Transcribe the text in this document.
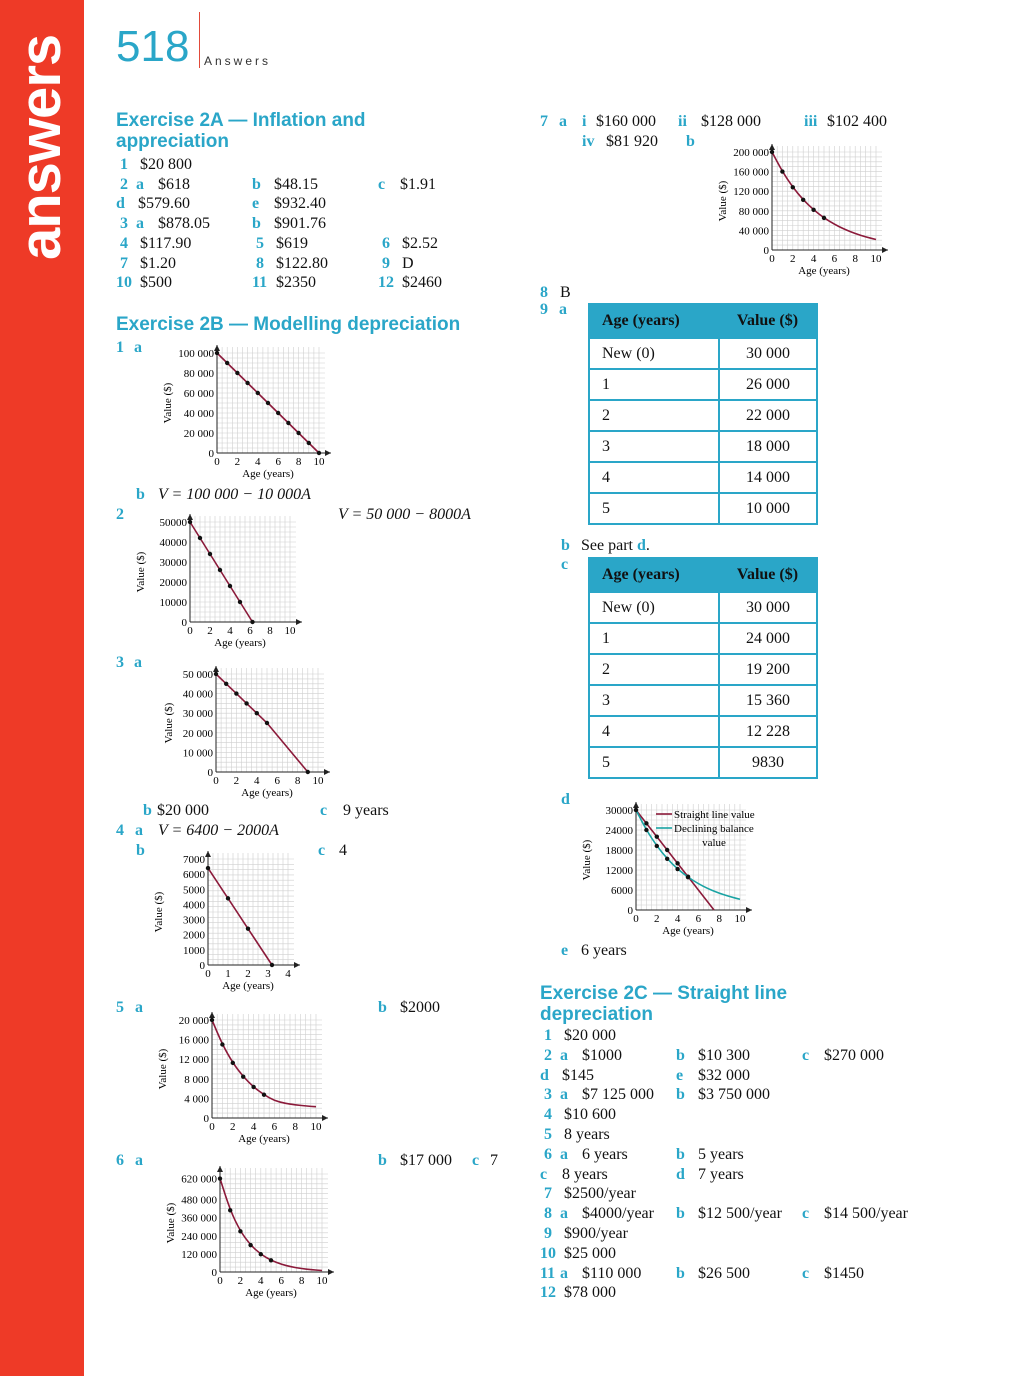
answers 518 Answers
Exercise 2A — Inflation and
appreciation
1 $20 800
2 a $618	b $48.15	c $1.91
d $579.60	e $932.40
3 a $878.05	b $901.76
4 $117.90	5 $619	6 $2.52
7 $1.20	8 $122.80	9 D
10 $500	11 $2350	12 $2460
Exercise 2B — Modelling depreciation
1 a
b V = 100 000 − 10 000A
2	V = 50 000 − 8000A
3 a
b $20 000	c 9 years
4 a V = 6400 − 2000A
b	c 4
5 a	b $2000
6 a	b $17 000 c 7
7 a i $160 000 ii $128 000	iii $102 400
iv $81 920 b
8 B
9 a
Age (years)	Value ($)
New (0)	30 000
1	26 000
2	22 000
3	18 000
4	14 000
5	10 000
b See part d.
c
Age (years)	Value ($)
New (0)	30 000
1	24 000
2	19 200
3	15 360
4	12 228
5	9830
d
e 6 years
Exercise 2C — Straight line
depreciation
1 $20 000
2 a $1000	b $10 300	c $270 000
d $145	e $32 000
3 a $7 125 000 b $3 750 000
4 $10 600
5 8 years
6 a 6 years	b 5 years
c 8 years	d 7 years
7 $2500/year
8 a $4000/year b $12 500/year c $14 500/year
9 $900/year
10 $25 000
11 a $110 000 b $26 500	c $1450
12 $78 000
0 2 4 6 8 10
0
20 000
40 000
60 000
80 000
100 000
Age (years)
Value ($)
0 2 4 6 8 10
0
10000
20000
30000
40000
50000
Age (years)
Value ($)
0 2 4 6 8 10
0
10 000
20 000
30 000
40 000
50 000
Age (years)
Value ($)
0 1 2 3 4
0
1000
2000
3000
4000
5000
6000
7000
Age (years)
Value ($)
0 2 4 6 8 10
0
4 000
8 000
12 000
16 000
20 000
Age (years)
Value ($)
0 2 4 6 8 10
0
120 000
240 000
360 000
480 000
620 000
Age (years)
Value ($)
0 2 4 6 8 10
0
40 000
80 000
120 000
160 000
200 000
Age (years)
Value ($)
0 2 4 6 8 10
0
6000
12000
18000
24000
30000
Age (years)
Value ($)
Straight line value
Declining balance
value
